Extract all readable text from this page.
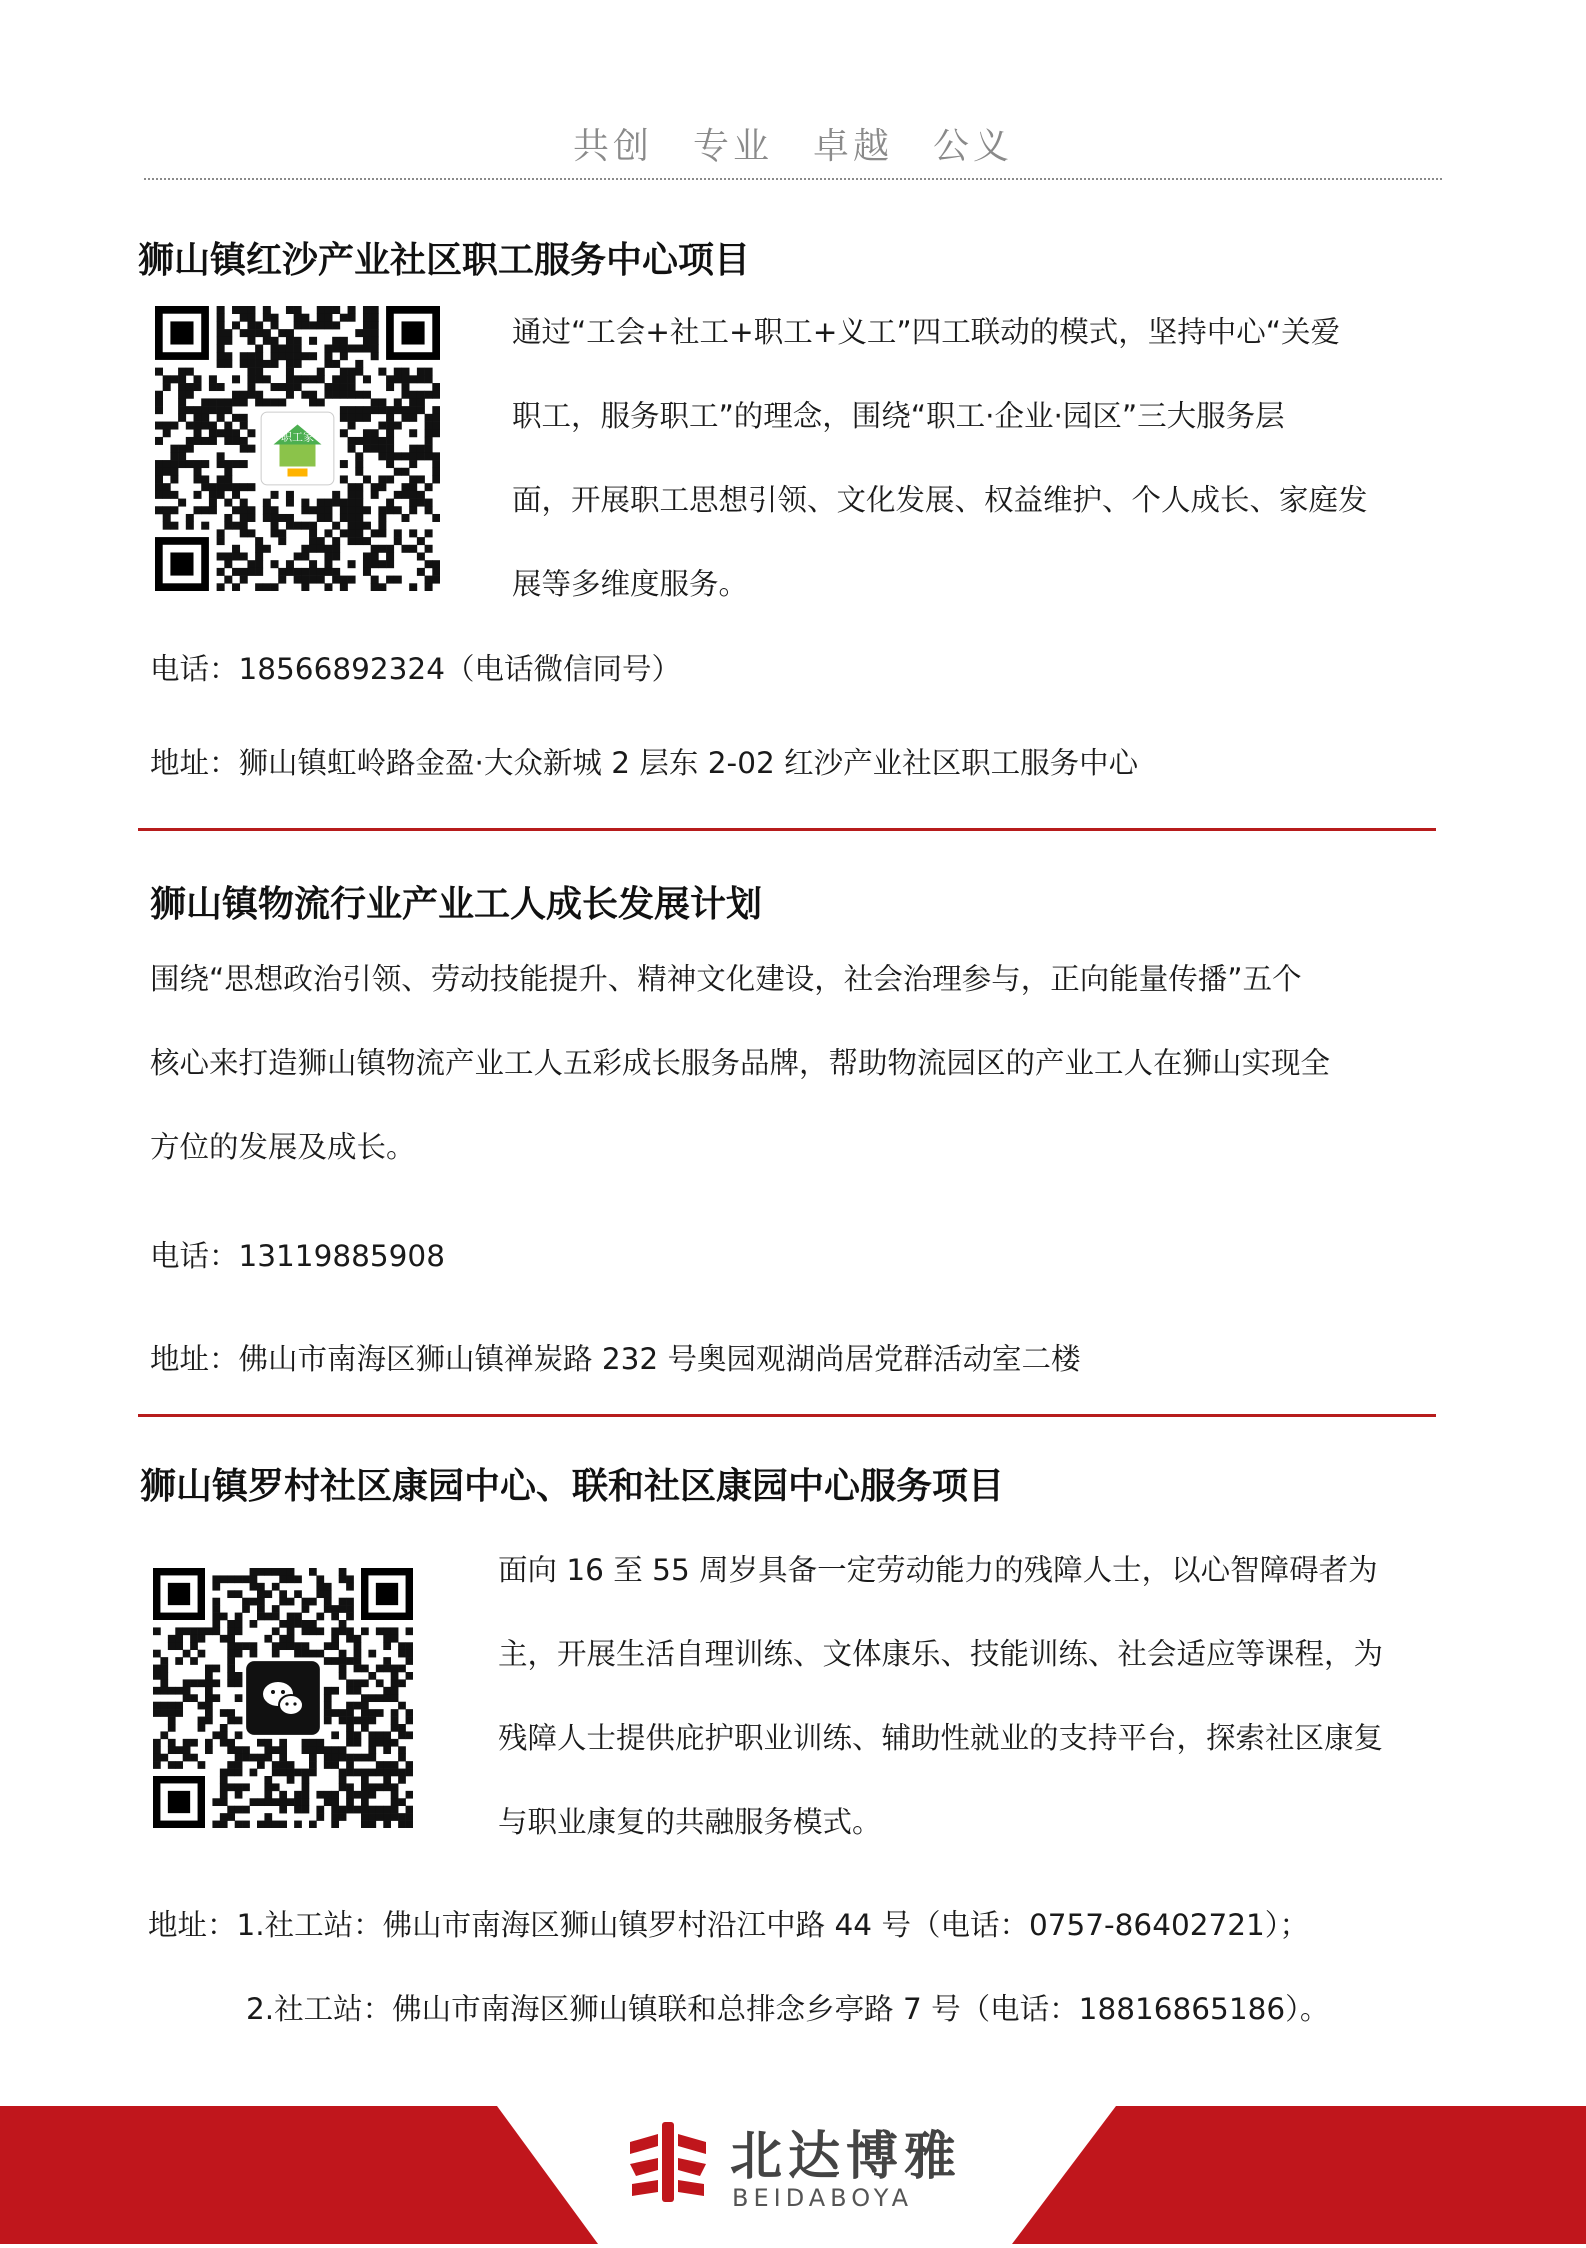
共创　专业　卓越　公义
狮山镇红沙产业社区职工服务中心项目
职工家
通过“工会+社工+职工+义工”四工联动的模式，坚持中心“关爱
职工，服务职工”的理念，围绕“职工·企业·园区”三大服务层
面，开展职工思想引领、文化发展、权益维护、个人成长、家庭发
展等多维度服务。
电话：18566892324（电话微信同号）
地址：狮山镇虹岭路金盈·大众新城 2 层东 2-02 红沙产业社区职工服务中心
狮山镇物流行业产业工人成长发展计划
围绕“思想政治引领、劳动技能提升、精神文化建设，社会治理参与，正向能量传播”五个
核心来打造狮山镇物流产业工人五彩成长服务品牌，帮助物流园区的产业工人在狮山实现全
方位的发展及成长。
电话：13119885908
地址：佛山市南海区狮山镇禅炭路 232 号奥园观湖尚居党群活动室二楼
狮山镇罗村社区康园中心、联和社区康园中心服务项目
面向 16 至 55 周岁具备一定劳动能力的残障人士，以心智障碍者为
主，开展生活自理训练、文体康乐、技能训练、社会适应等课程，为
残障人士提供庇护职业训练、辅助性就业的支持平台，探索社区康复
与职业康复的共融服务模式。
地址：1.社工站：佛山市南海区狮山镇罗村沿江中路 44 号（电话：0757-86402721）；
2.社工站：佛山市南海区狮山镇联和总排念乡亭路 7 号（电话：18816865186）。
北达博雅
BEIDABOYA
